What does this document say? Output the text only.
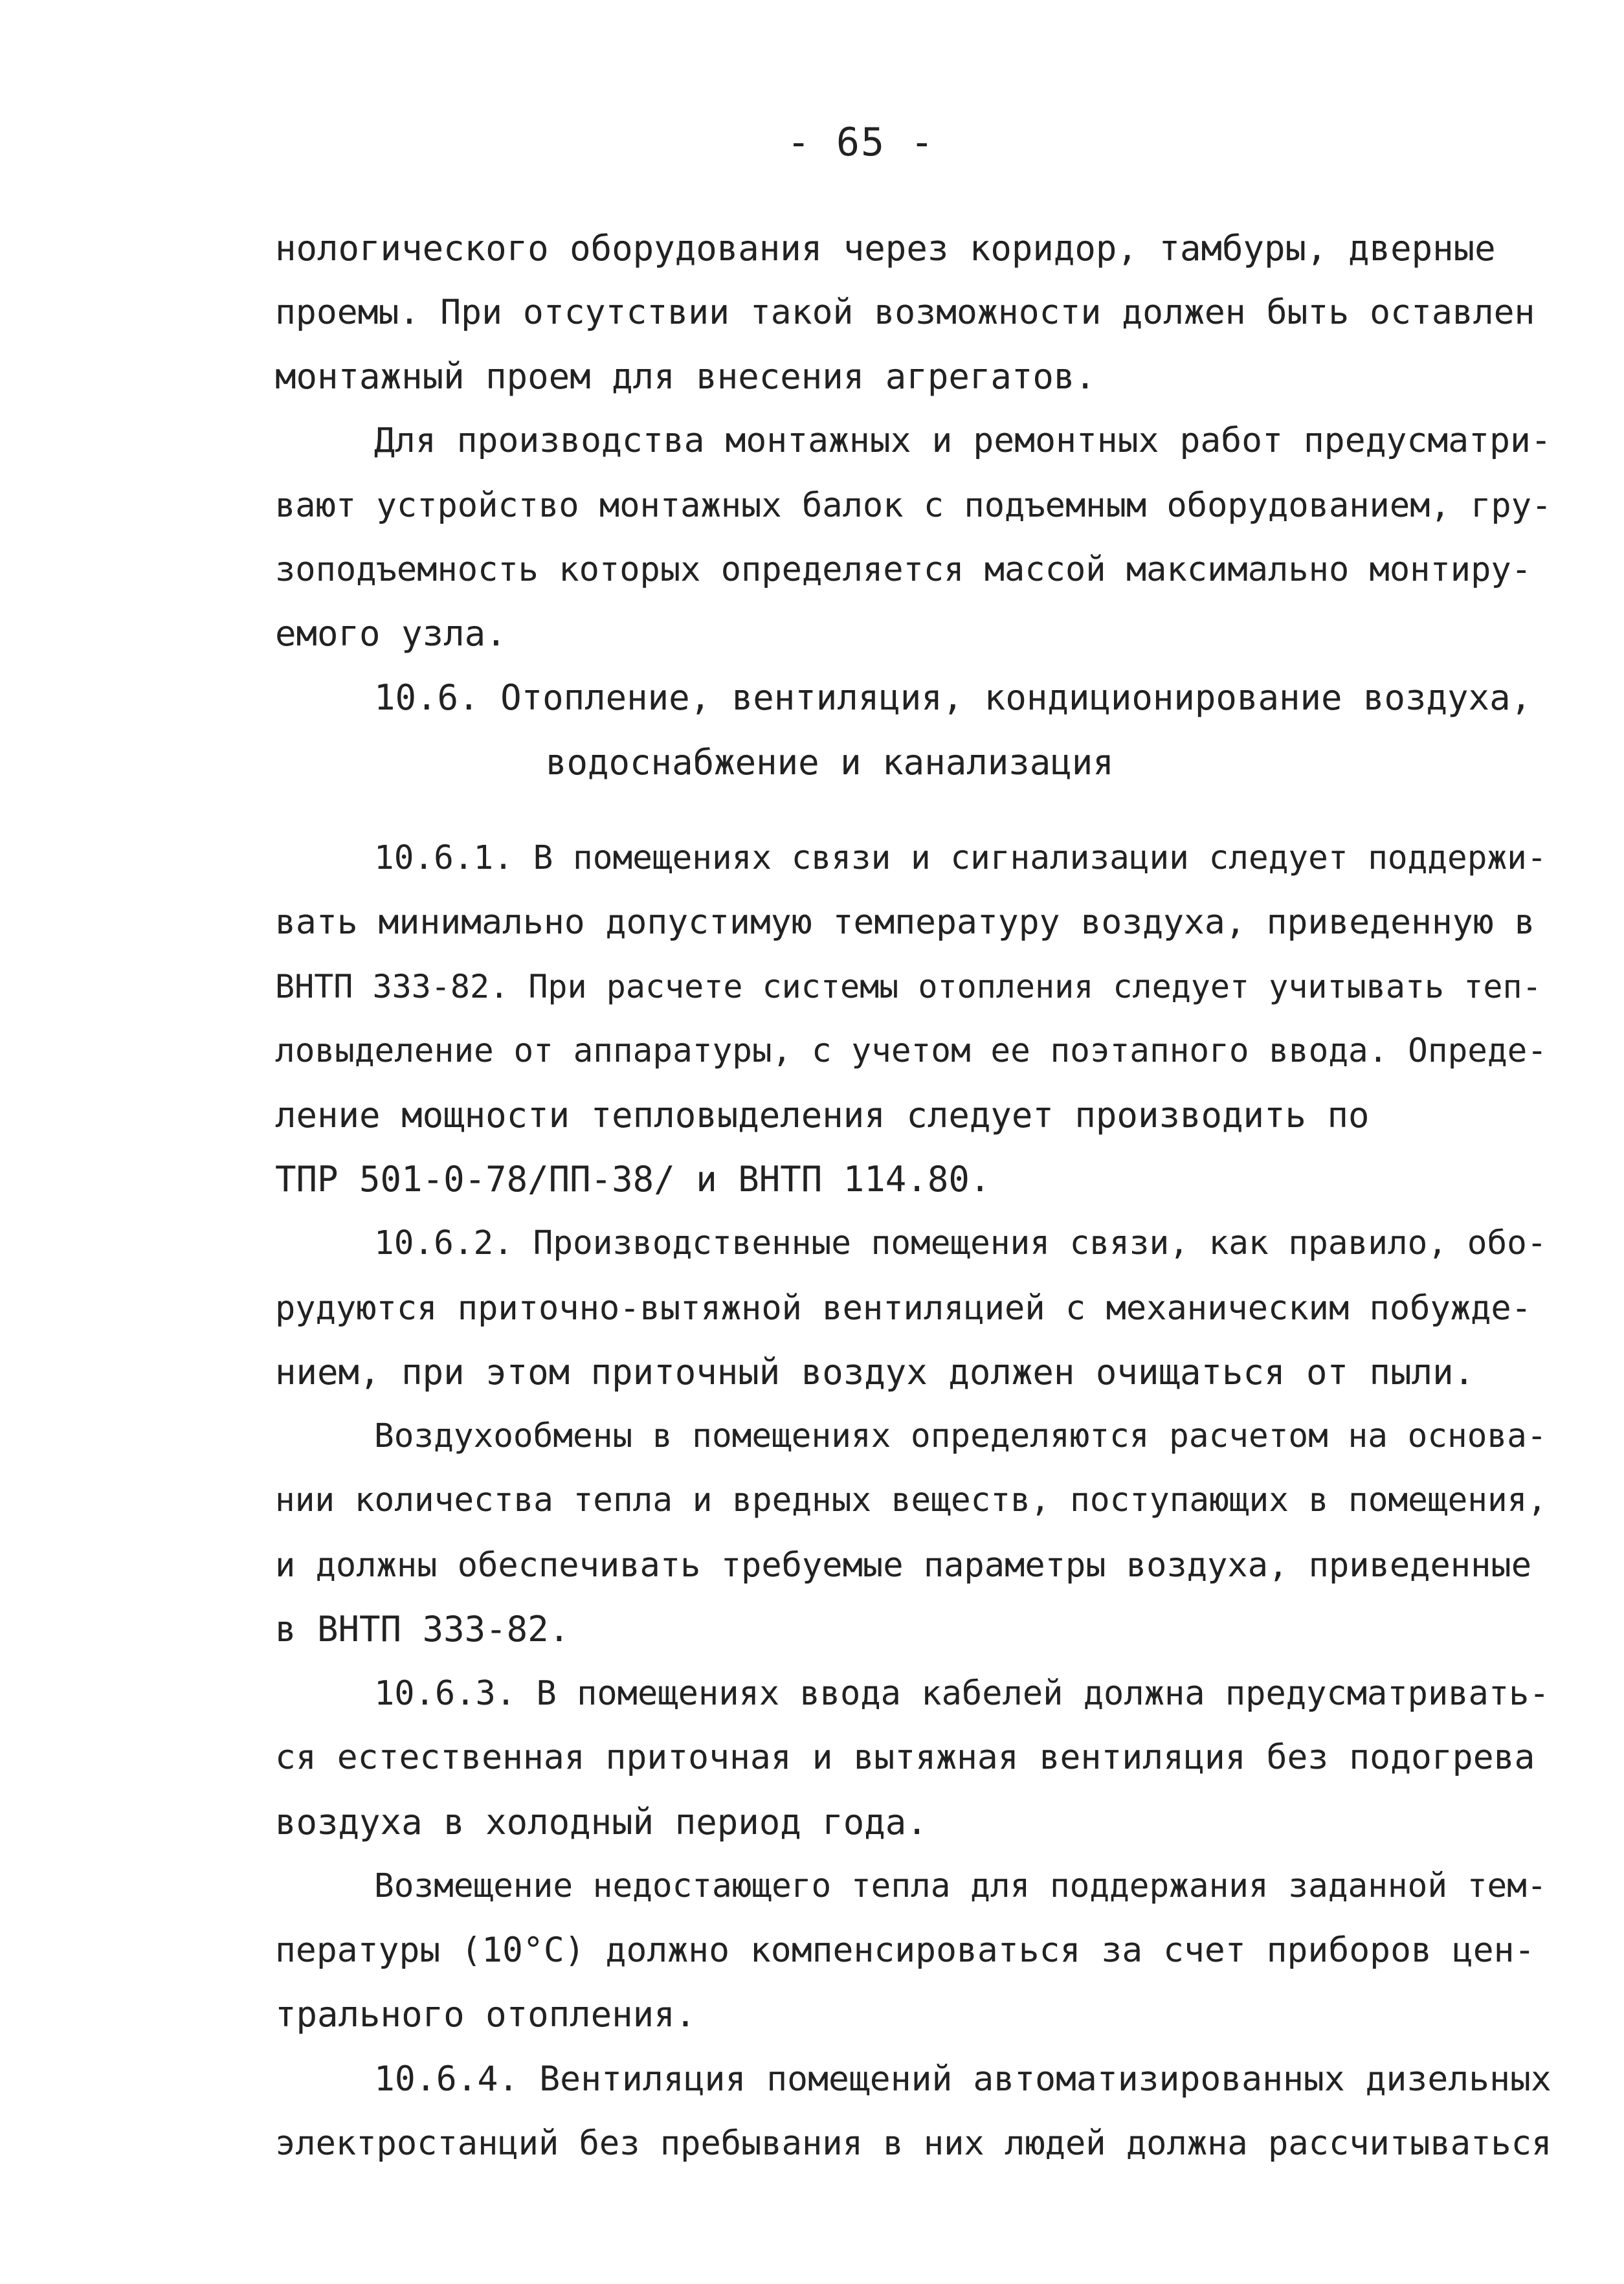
- 65 -
нологического оборудования через коридор, тамбуры, дверные
проемы. При отсутствии такой возможности должен быть оставлен
монтажный проем для внесения агрегатов.
Для производства монтажных и ремонтных работ предусматри-
вают устройство монтажных балок с подъемным оборудованием, гру-
зоподъемность которых определяется массой максимально монтиру-
емого узла.
10.6. Отопление, вентиляция, кондиционирование воздуха,
водоснабжение и канализация
10.6.1. В помещениях связи и сигнализации следует поддержи-
вать минимально допустимую температуру воздуха, приведенную в
ВНТП 333-82. При расчете системы отопления следует учитывать теп-
ловыделение от аппаратуры, с учетом ее поэтапного ввода. Опреде-
ление мощности тепловыделения следует производить по
ТПР 501-0-78/ПП-38/ и ВНТП 114.80.
10.6.2. Производственные помещения связи, как правило, обо-
рудуются приточно-вытяжной вентиляцией с механическим побужде-
нием, при этом приточный воздух должен очищаться от пыли.
Воздухообмены в помещениях определяются расчетом на основа-
нии количества тепла и вредных веществ, поступающих в помещения,
и должны обеспечивать требуемые параметры воздуха, приведенные
в ВНТП 333-82.
10.6.3. В помещениях ввода кабелей должна предусматривать-
ся естественная приточная и вытяжная вентиляция без подогрева
воздуха в холодный период года.
Возмещение недостающего тепла для поддержания заданной тем-
пературы (10°С) должно компенсироваться за счет приборов цен-
трального отопления.
10.6.4. Вентиляция помещений автоматизированных дизельных
электростанций без пребывания в них людей должна рассчитываться
